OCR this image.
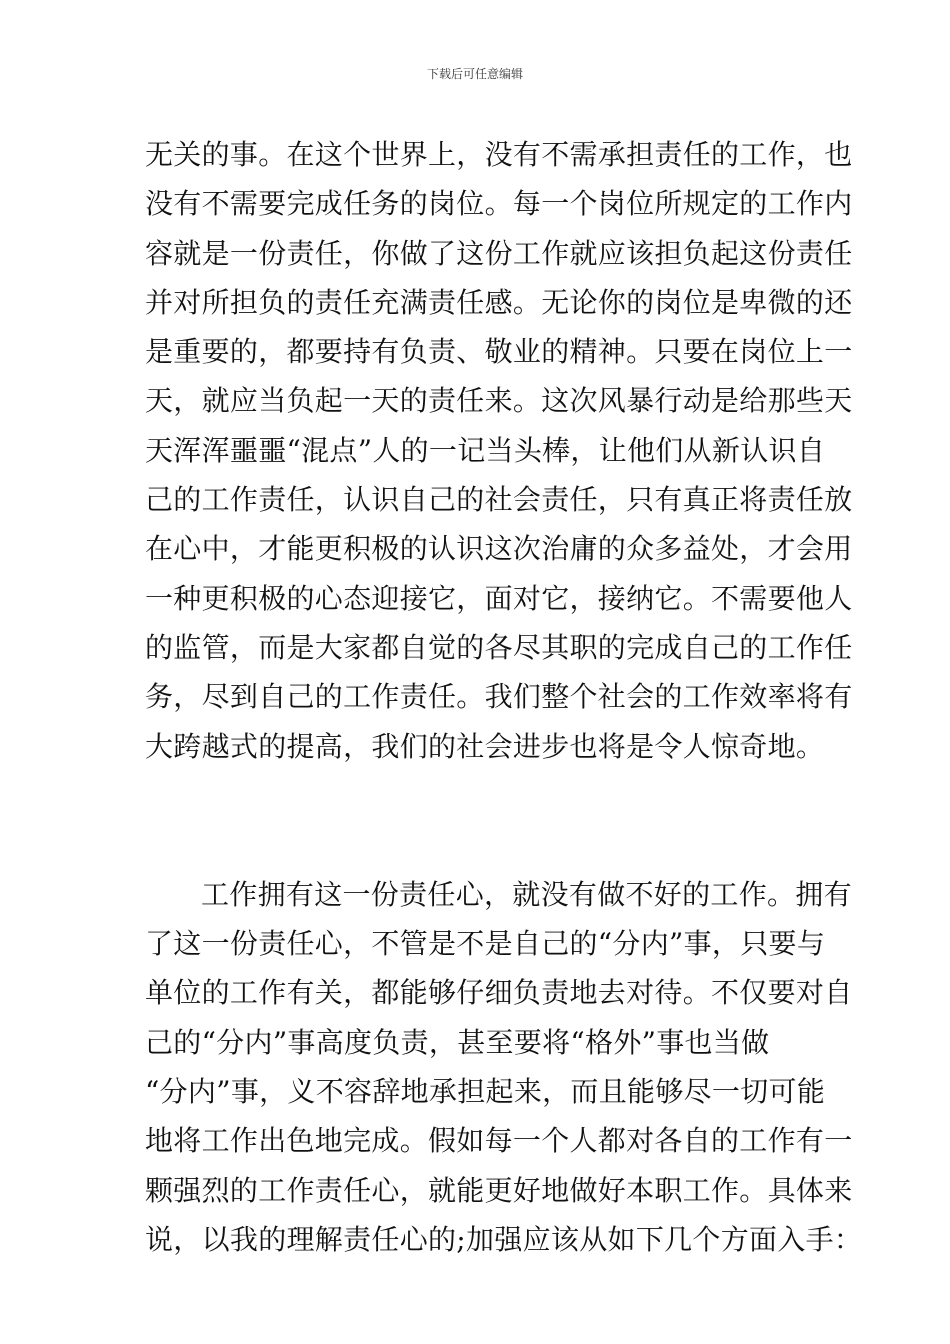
下载后可任意编辑

无关的事。在这个世界上，没有不需承担责任的工作，也

没有不需要完成任务的岗位。每一个岗位所规定的工作内

容就是一份责任，你做了这份工作就应该担负起这份责任

并对所担负的责任充满责任感。无论你的岗位是卑微的还

是重要的，都要持有负责、敬业的精神。只要在岗位上一

天，就应当负起一天的责任来。这次风暴行动是给那些天

天浑浑噩噩“混点”人的一记当头棒，让他们从新认识自

己的工作责任，认识自己的社会责任，只有真正将责任放

在心中，才能更积极的认识这次治庸的众多益处，才会用

一种更积极的心态迎接它，面对它，接纳它。不需要他人

的监管，而是大家都自觉的各尽其职的完成自己的工作任

务，尽到自己的工作责任。我们整个社会的工作效率将有

大跨越式的提高，我们的社会进步也将是令人惊奇地。

工作拥有这一份责任心，就没有做不好的工作。拥有

了这一份责任心，不管是不是自己的“分内”事，只要与

单位的工作有关，都能够仔细负责地去对待。不仅要对自

己的“分内”事高度负责，甚至要将“格外”事也当做

“分内”事，义不容辞地承担起来，而且能够尽一切可能

地将工作出色地完成。假如每一个人都对各自的工作有一

颗强烈的工作责任心，就能更好地做好本职工作。具体来

说，以我的理解责任心的;加强应该从如下几个方面入手：
